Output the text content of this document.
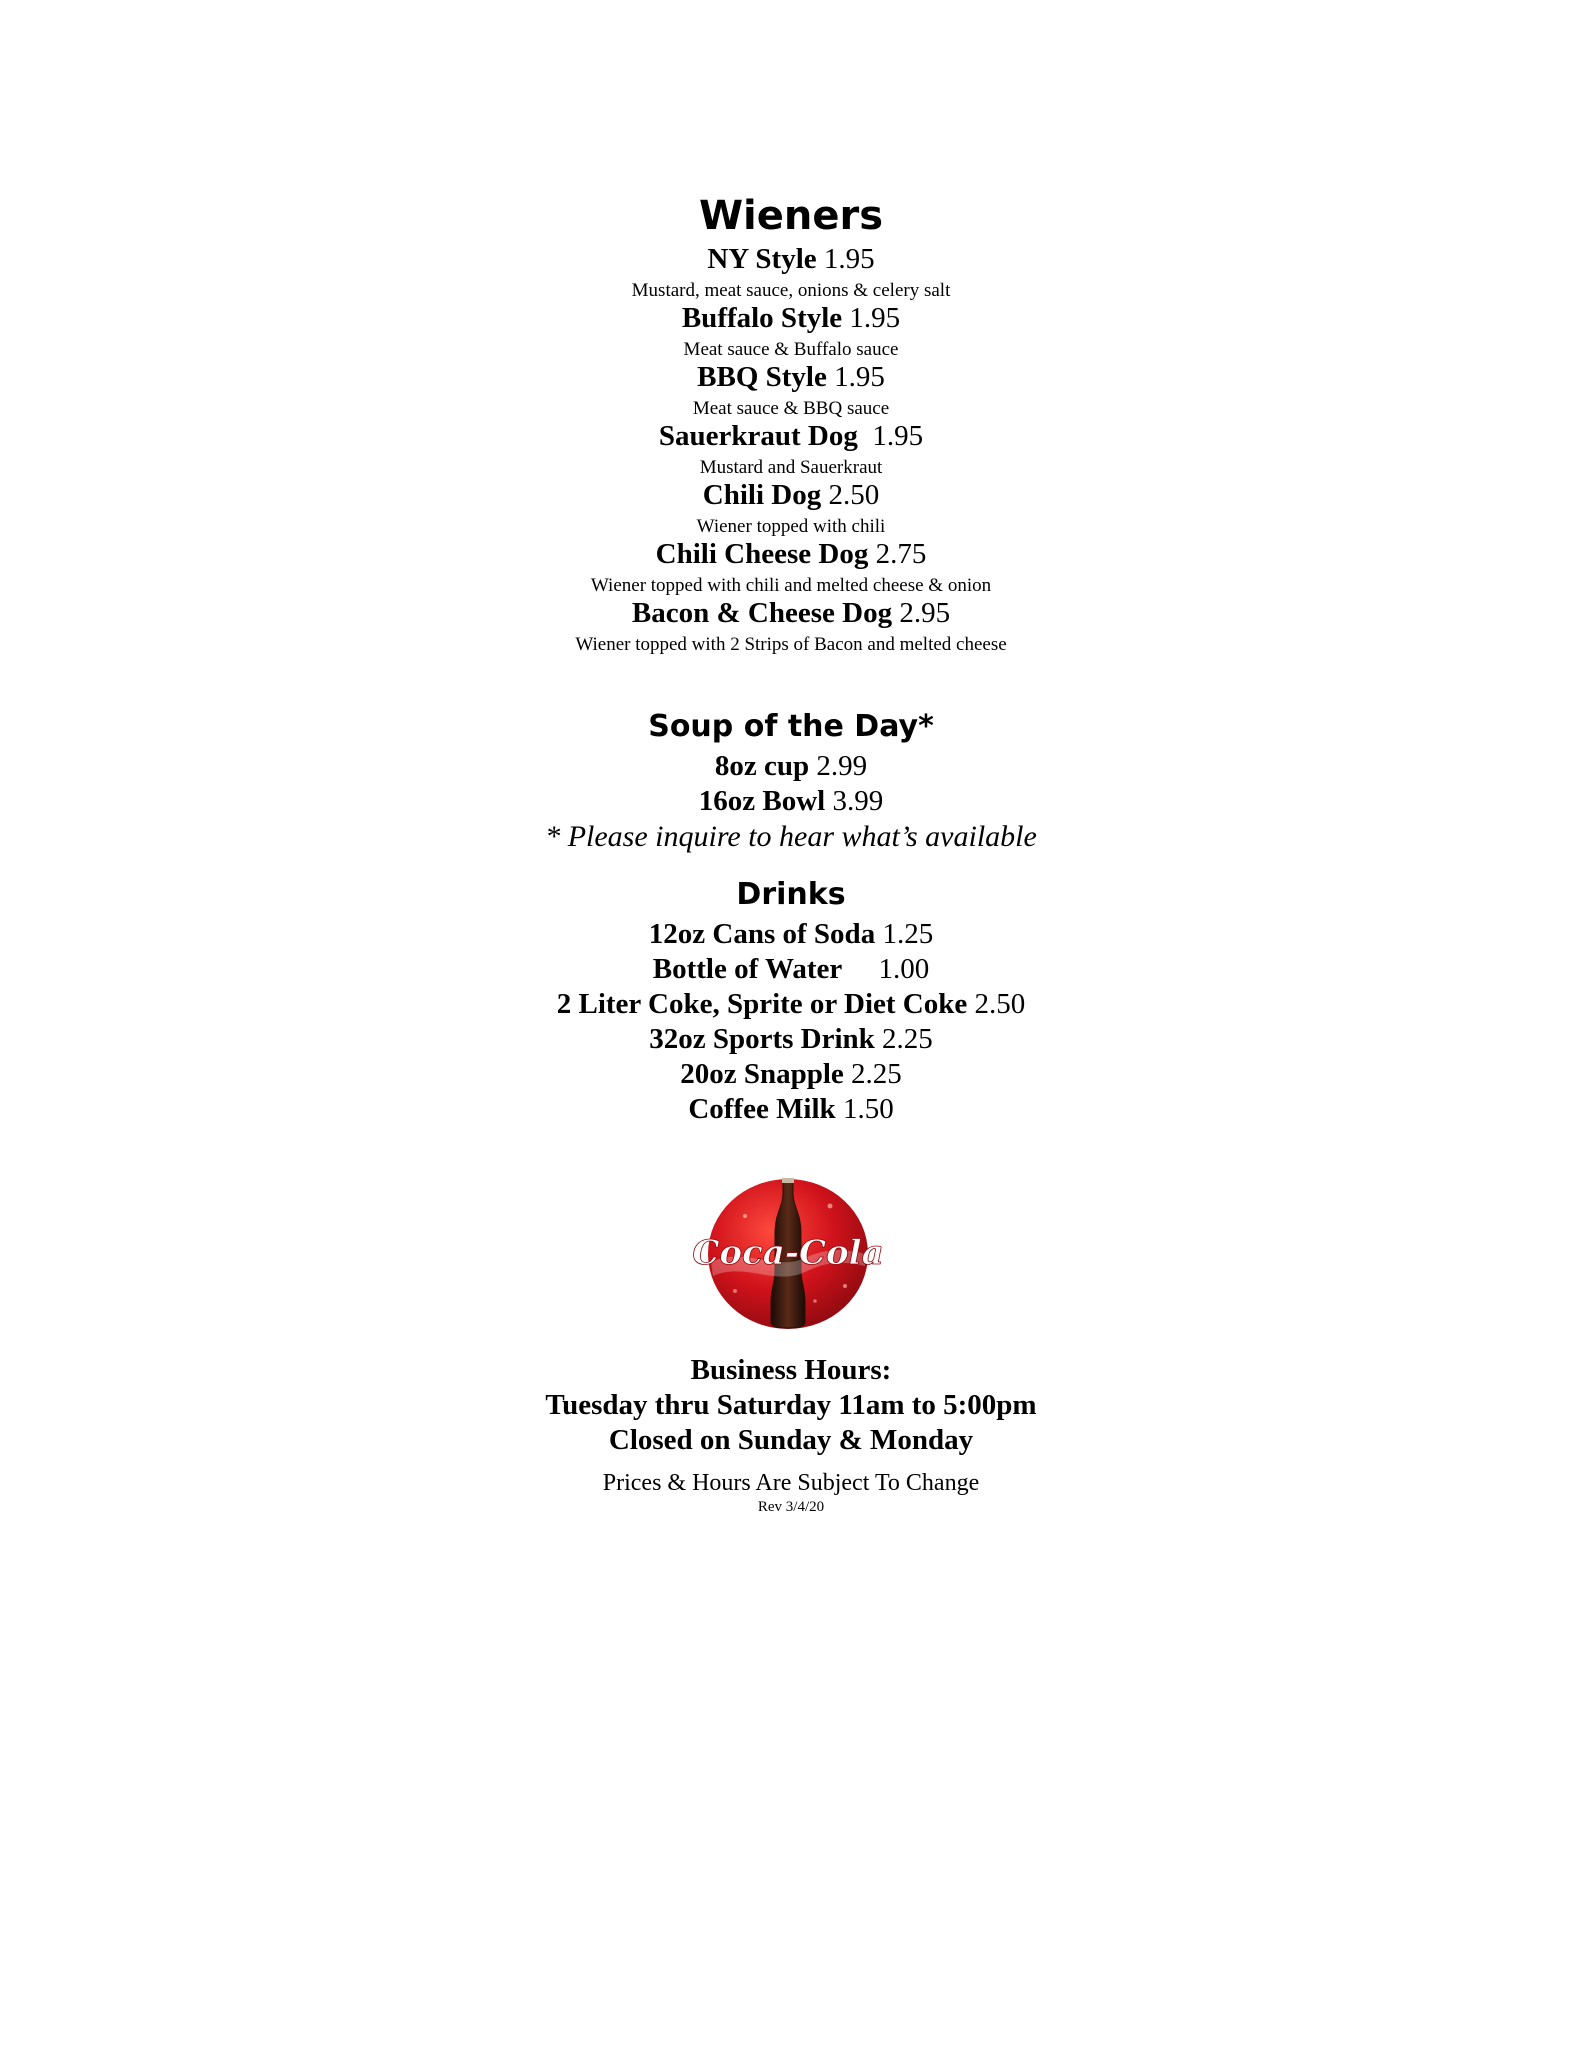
Wieners

NY Style 1.95

Mustard, meat sauce, onions & celery salt

Buffalo Style 1.95

Meat sauce & Buffalo sauce

BBQ Style 1.95

Meat sauce & BBQ sauce

Sauerkraut Dog 1.95

Mustard and Sauerkraut

Chili Dog 2.50

Wiener topped with chili

Chili Cheese Dog 2.75

Wiener topped with chili and melted cheese & onion

Bacon & Cheese Dog 2.95

Wiener topped with 2 Strips of Bacon and melted cheese

Soup of the Day*

8oz cup 2.99

16oz Bowl 3.99

* Please inquire to hear what’s available

Drinks

12oz Cans of Soda 1.25

Bottle of Water 1.00

2 Liter Coke, Sprite or Diet Coke 2.50

32oz Sports Drink 2.25

20oz Snapple 2.25

Coffee Milk 1.50

Coca-Cola

Business Hours:

Tuesday thru Saturday 11am to 5:00pm

Closed on Sunday & Monday

Prices & Hours Are Subject To Change

Rev 3/4/20
